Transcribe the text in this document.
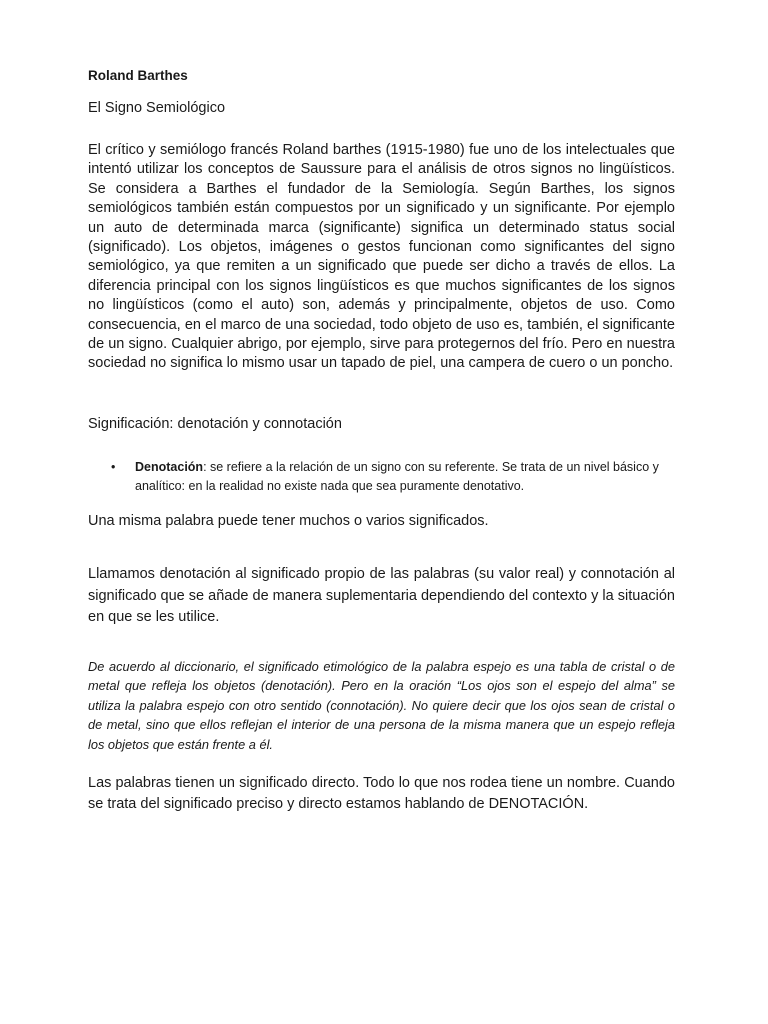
Roland Barthes

El Signo Semiológico

El crítico y semiólogo francés Roland barthes (1915-1980) fue uno de los intelectuales que intentó utilizar los conceptos de Saussure para el análisis de otros signos no lingüísticos. Se considera a Barthes el fundador de la Semiología. Según Barthes, los signos semiológicos también están compuestos por un significado y un significante. Por ejemplo un auto de determinada marca (significante) significa un determinado status social (significado). Los objetos, imágenes o gestos funcionan como significantes del signo semiológico, ya que remiten a un significado que puede ser dicho a través de ellos. La diferencia principal con los signos lingüísticos es que muchos significantes de los signos no lingüísticos (como el auto) son, además y principalmente, objetos de uso. Como consecuencia, en el marco de una sociedad, todo objeto de uso es, también, el significante de un signo. Cualquier abrigo, por ejemplo, sirve para protegernos del frío. Pero en nuestra sociedad no significa lo mismo usar un tapado de piel, una campera de cuero o un poncho.

Significación: denotación y connotación

• Denotación: se refiere a la relación de un signo con su referente. Se trata de un nivel básico y analítico: en la realidad no existe nada que sea puramente denotativo.

Una misma palabra puede tener muchos o varios significados.

Llamamos denotación al significado propio de las palabras (su valor real) y connotación al significado que se añade de manera suplementaria dependiendo del contexto y la situación en que se les utilice.

De acuerdo al diccionario, el significado etimológico de la palabra espejo es una tabla de cristal o de metal que refleja los objetos (denotación). Pero en la oración “Los ojos son el espejo del alma” se utiliza la palabra espejo con otro sentido (connotación). No quiere decir que los ojos sean de cristal o de metal, sino que ellos reflejan el interior de una persona de la misma manera que un espejo refleja los objetos que están frente a él.

Las palabras tienen un significado directo. Todo lo que nos rodea tiene un nombre. Cuando se trata del significado preciso y directo estamos hablando de DENOTACIÓN.
